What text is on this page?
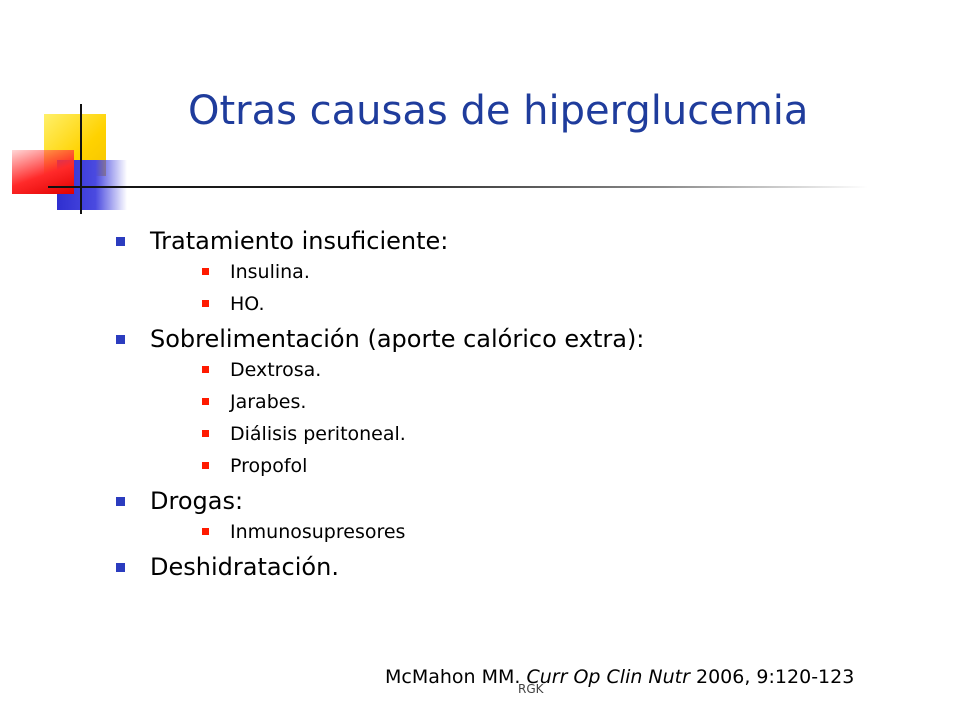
Otras causas de hiperglucemia
Tratamiento insuficiente:
Insulina.
HO.
Sobrelimentación (aporte calórico extra):
Dextrosa.
Jarabes.
Diálisis peritoneal.
Propofol
Drogas:
Inmunosupresores
Deshidratación.
McMahon MM. Curr Op Clin Nutr 2006, 9:120-123
RGK
